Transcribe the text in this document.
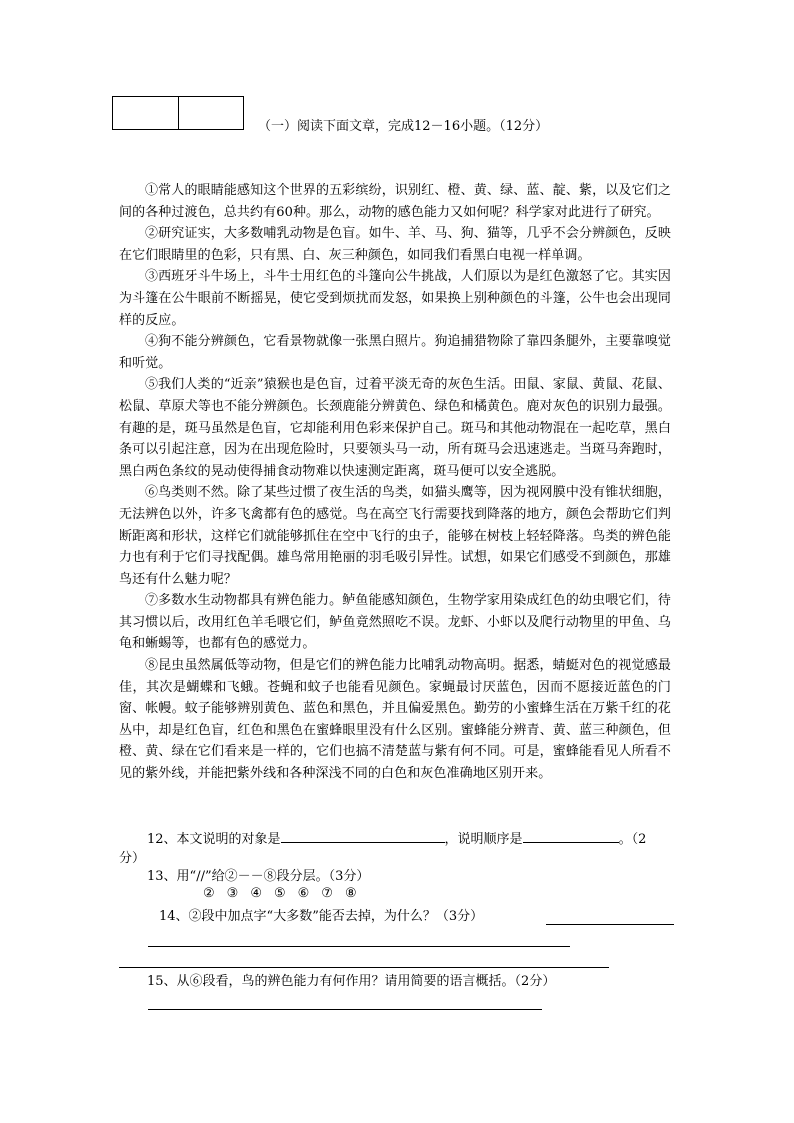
（一）阅读下面文章，完成12－16小题。（12分）

①常人的眼睛能感知这个世界的五彩缤纷，识别红、橙、黄、绿、蓝、靛、紫，以及它们之间的各种过渡色，总共约有60种。那么，动物的感色能力又如何呢？科学家对此进行了研究。

②研究证实，大多数哺乳动物是色盲。如牛、羊、马、狗、猫等，几乎不会分辨颜色，反映在它们眼睛里的色彩，只有黑、白、灰三种颜色，如同我们看黑白电视一样单调。

③西班牙斗牛场上，斗牛士用红色的斗篷向公牛挑战，人们原以为是红色激怒了它。其实因为斗篷在公牛眼前不断摇晃，使它受到烦扰而发怒，如果换上别种颜色的斗篷，公牛也会出现同样的反应。

④狗不能分辨颜色，它看景物就像一张黑白照片。狗追捕猎物除了靠四条腿外，主要靠嗅觉和听觉。

⑤我们人类的“近亲”猿猴也是色盲，过着平淡无奇的灰色生活。田鼠、家鼠、黄鼠、花鼠、松鼠、草原犬等也不能分辨颜色。长颈鹿能分辨黄色、绿色和橘黄色。鹿对灰色的识别力最强。有趣的是，斑马虽然是色盲，它却能利用色彩来保护自己。斑马和其他动物混在一起吃草，黑白条可以引起注意，因为在出现危险时，只要领头马一动，所有斑马会迅速逃走。当斑马奔跑时，黑白两色条纹的晃动使得捕食动物难以快速测定距离，斑马便可以安全逃脱。

⑥鸟类则不然。除了某些过惯了夜生活的鸟类，如猫头鹰等，因为视网膜中没有锥状细胞，无法辨色以外，许多飞禽都有色的感觉。鸟在高空飞行需要找到降落的地方，颜色会帮助它们判断距离和形状，这样它们就能够抓住在空中飞行的虫子，能够在树枝上轻轻降落。鸟类的辨色能力也有利于它们寻找配偶。雄鸟常用艳丽的羽毛吸引异性。试想，如果它们感受不到颜色，那雄鸟还有什么魅力呢？

⑦多数水生动物都具有辨色能力。鲈鱼能感知颜色，生物学家用染成红色的幼虫喂它们，待其习惯以后，改用红色羊毛喂它们，鲈鱼竟然照吃不误。龙虾、小虾以及爬行动物里的甲鱼、乌龟和蜥蜴等，也都有色的感觉力。

⑧昆虫虽然属低等动物，但是它们的辨色能力比哺乳动物高明。据悉，蜻蜓对色的视觉感最佳，其次是蝴蝶和飞蛾。苍蝇和蚊子也能看见颜色。家蝇最讨厌蓝色，因而不愿接近蓝色的门窗、帐幔。蚊子能够辨别黄色、蓝色和黑色，并且偏爱黑色。勤劳的小蜜蜂生活在万紫千红的花丛中，却是红色盲，红色和黑色在蜜蜂眼里没有什么区别。蜜蜂能分辨青、黄、蓝三种颜色，但橙、黄、绿在它们看来是一样的，它们也搞不清楚蓝与紫有何不同。可是，蜜蜂能看见人所看不见的紫外线，并能把紫外线和各种深浅不同的白色和灰色准确地区别开来。

12、本文说明的对象是	，说明顺序是	。（2
分）
13、用“//”给②－－⑧段分层。（3分）
② ③ ④ ⑤ ⑥ ⑦ ⑧
14、②段中加点字“大多数”能否去掉，为什么？（3分）
15、从⑥段看，鸟的辨色能力有何作用？请用简要的语言概括。（2分）
